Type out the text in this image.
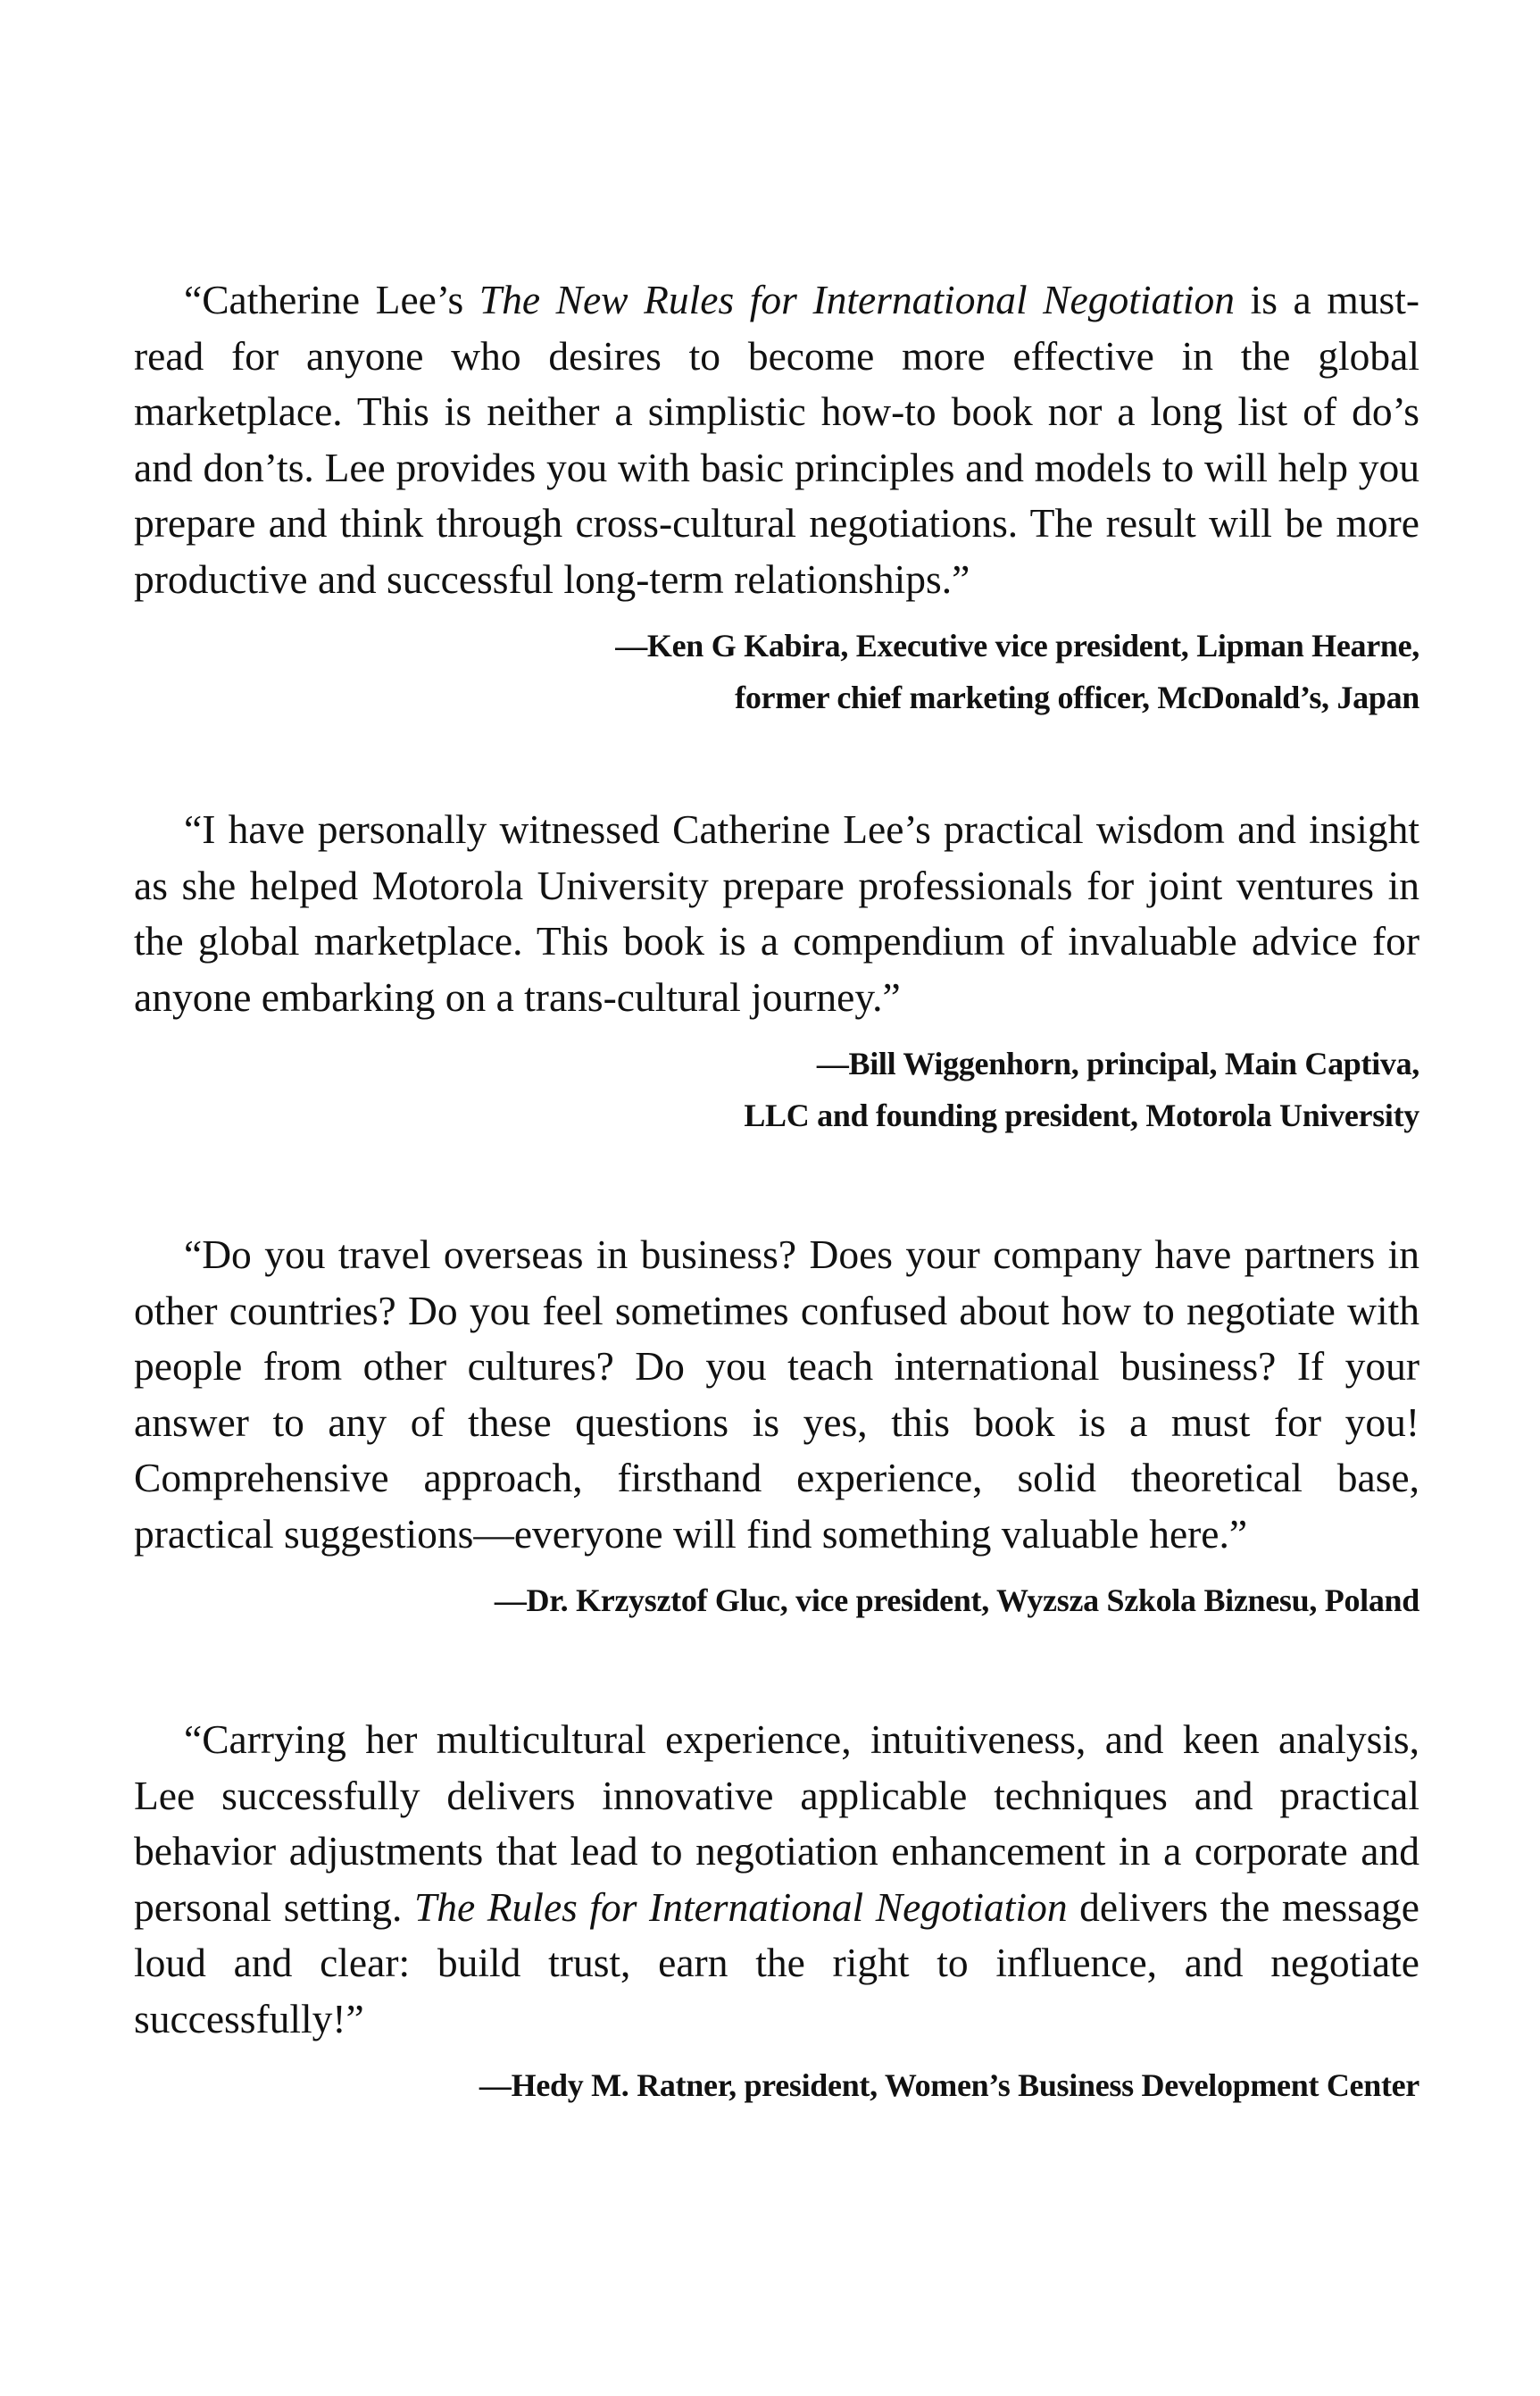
“Catherine Lee’s The New Rules for International Negotiation is a must-read for anyone who desires to become more effective in the global marketplace. This is neither a simplistic how-to book nor a long list of do’s and don’ts. Lee provides you with basic principles and models to will help you prepare and think through cross-cultural negotiations. The result will be more productive and successful long-term relationships.”

—Ken G Kabira, Executive vice president, Lipman Hearne,
former chief marketing officer, McDonald’s, Japan

“I have personally witnessed Catherine Lee’s practical wisdom and insight as she helped Motorola University prepare professionals for joint ventures in the global marketplace. This book is a compendium of invaluable advice for anyone embarking on a trans-cultural journey.”

—Bill Wiggenhorn, principal, Main Captiva,
LLC and founding president, Motorola University

“Do you travel overseas in business? Does your company have partners in other countries? Do you feel sometimes confused about how to negotiate with people from other cultures? Do you teach international business? If your answer to any of these questions is yes, this book is a must for you! Comprehensive approach, firsthand experience, solid theoretical base, practical suggestions—everyone will find something valuable here.”

—Dr. Krzysztof Gluc, vice president, Wyzsza Szkola Biznesu, Poland

“Carrying her multicultural experience, intuitiveness, and keen analysis, Lee successfully delivers innovative applicable techniques and practical behavior adjustments that lead to negotiation enhancement in a corporate and personal setting. The Rules for International Negotiation delivers the message loud and clear: build trust, earn the right to influence, and negotiate successfully!”

—Hedy M. Ratner, president, Women’s Business Development Center
